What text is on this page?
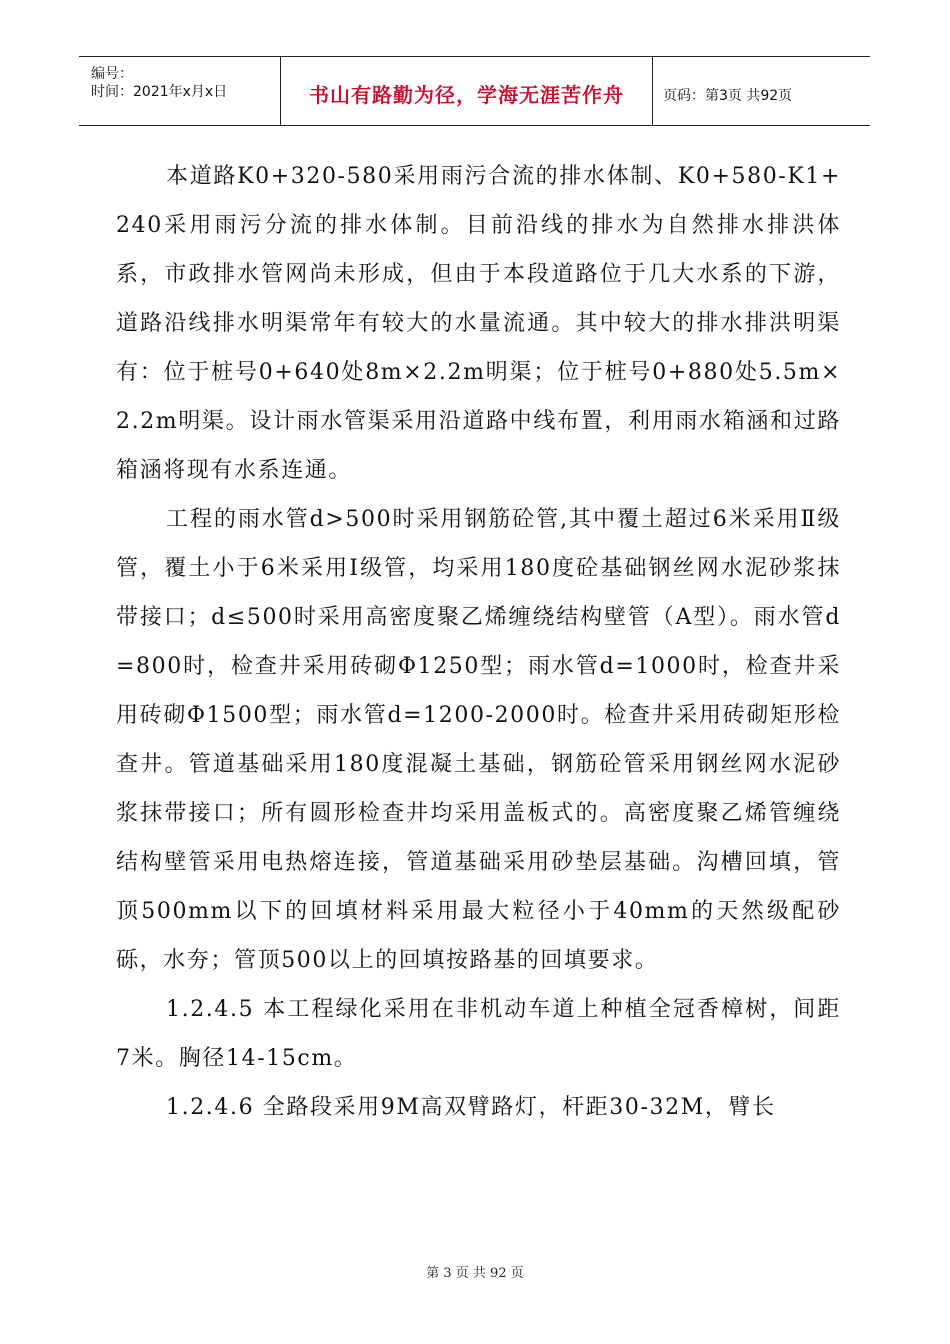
编号：
时间：2021年x月x日	书山有路勤为径，学海无涯苦作舟	页码：第3页 共92页

本道路K0+320-580采用雨污合流的排水体制、K0+580-K1+240采用雨污分流的排水体制。目前沿线的排水为自然排水排洪体系，市政排水管网尚未形成，但由于本段道路位于几大水系的下游，道路沿线排水明渠常年有较大的水量流通。其中较大的排水排洪明渠有：位于桩号0+640处8m×2.2m明渠；位于桩号0+880处5.5m×2.2m明渠。设计雨水管渠采用沿道路中线布置，利用雨水箱涵和过路箱涵将现有水系连通。

工程的雨水管d>500时采用钢筋砼管,其中覆土超过6米采用Ⅱ级管，覆土小于6米采用Ⅰ级管，均采用180度砼基础钢丝网水泥砂浆抹带接口；d≤500时采用高密度聚乙烯缠绕结构壁管（A型）。雨水管d=800时，检查井采用砖砌Φ1250型；雨水管d=1000时，检查井采用砖砌Φ1500型；雨水管d=1200-2000时。检查井采用砖砌矩形检查井。管道基础采用180度混凝土基础，钢筋砼管采用钢丝网水泥砂浆抹带接口；所有圆形检查井均采用盖板式的。高密度聚乙烯管缠绕结构壁管采用电热熔连接，管道基础采用砂垫层基础。沟槽回填，管顶500mm以下的回填材料采用最大粒径小于40mm的天然级配砂砾，水夯；管顶500以上的回填按路基的回填要求。

1.2.4.5 本工程绿化采用在非机动车道上种植全冠香樟树，间距7米。胸径14-15cm。

1.2.4.6 全路段采用9M高双臂路灯，杆距30-32M，臂长

第 3 页 共 92 页
